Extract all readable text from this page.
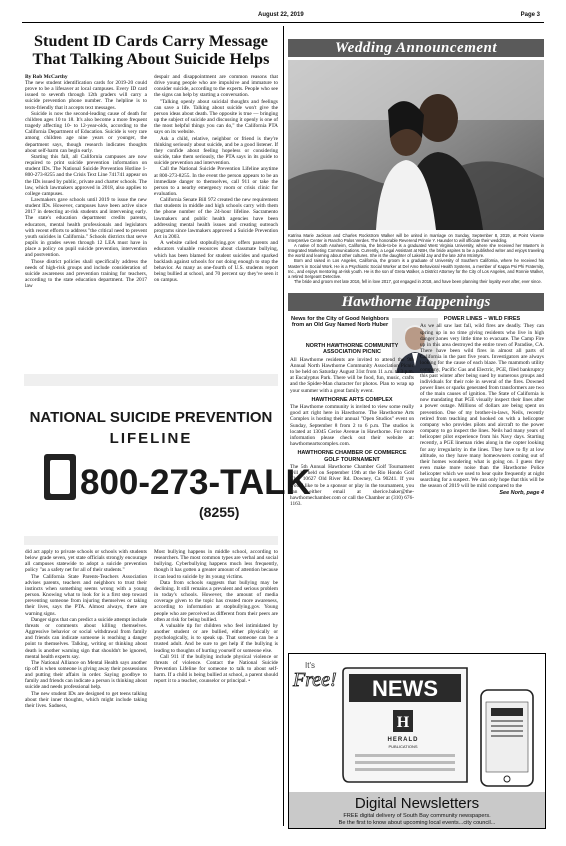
August 22, 2019	Page 3
Student ID Cards Carry Message That Talking About Suicide Helps
By Rob McCarthy

The new student identification cards for 2019-20 could prove to be a lifesaver at local campuses. Every ID card issued to seventh through 12th graders will carry a suicide prevention phone number. The helpline is to texts-friendly that it accepts text messages.

Suicide is now the second-leading cause of death for children ages 10 to 18. It's also become a more frequent tragedy affecting 10- to 12-year-olds, according to the California Department of Education. Suicide is very rare among children age nine years or younger, the department says, though research indicates thoughts about self-harm can begin early.

Starting this fall, all California campuses are now required to print suicide prevention information on student IDs. The National Suicide Prevention Hotline 1-800-273-8255 and the Crisis Text Line 741741 appear on the IDs issued by public, private and charter schools. The law, which lawmakers approved in 2018, also applies to college campuses.

Lawmakers gave schools until 2019 to issue the new student IDs. However, campuses have been active since 2017 in detecting at-risk students and intervening early. The state's education department credits parents, educators, mental health professionals and legislators with recent efforts to address "the critical need to prevent youth suicides in California." Schools districts that serve pupils in grades seven through 12 LEA must have in place a policy on pupil suicide prevention, intervention and postvention.

Those district policies shall specifically address the needs of high-risk groups and include consideration of suicide awareness and prevention training for teachers, according to the state education department. The 2017 law

despair and disappointment are common reasons that drive young people who are impulsive and immature to consider suicide, according to the experts. People who see the signs can help by starting a conversation.

"Talking openly about suicidal thoughts and feelings can save a life. Talking about suicide won't give the person ideas about death. The opposite is true — bringing up the subject of suicide and discussing it openly is one of the most helpful things you can do," the California PTA says on its website.

Ask a child, relative, neighbor or friend is they're thinking seriously about suicide, and be a good listener. If they confide about feeling hopeless or considering suicide, take them seriously, the PTA says in its guide to suicide prevention and intervention.

Call the National Suicide Prevention Lifeline anytime at 800-273-8255. In the event the person appears to be an immediate danger to themselves, call 911 or take the person to a nearby emergency room or crisis clinic for evaluation.

California Senate Bill 972 created the new requirement that students in middle and high schools carry with them the phone number of the 24-hour lifeline. Sacramento lawmakers and public health agencies have been addressing mental health issues and creating outreach programs since lawmakers approved a Suicide Prevention Act in 2003.

A website called stopbullying.gov offers parents and educators valuable resources about classmate bullying, which has been blamed for student suicides and sparked backlash against schools for not doing enough to stop the behavior. As many as one-fourth of U.S. students report being bullied at school, and 70 percent say they've seen it on campus.

NATIONAL SUICIDE PREVENTION
LIFELINE
800-273-TALK
(8255)

did act apply to private schools or schools with students below grade seven, yet state officials strongly encourage all campuses statewide to adopt a suicide prevention policy "as a safety net for all of their students."

The California State Parents-Teachers Association advises parents, teachers and neighbors to trust their instincts when something seems wrong with a young person. Knowing what to look for is a first step toward preventing someone from injuring themselves or taking their lives, says the PTA. Almost always, there are warning signs.

Danger signs that can predict a suicide attempt include threats or comments about killing themselves. Aggressive behavior or social withdrawal from family and friends can indicate someone is reaching a danger point to themselves. Talking, writing or thinking about death is another warning sign that shouldn't be ignored, mental health experts say.

The National Alliance on Mental Health says another tip off is when someone is giving away their possessions and putting their affairs in order. Saying goodbye to family and friends can indicate a person is thinking about suicide and needs professional help.

The new student IDs are designed to get teens talking about their inner thoughts, which might include taking their lives. Sadness,

Most bullying happens in middle school, according to researchers. The most common types are verbal and social bullying. Cyberbullying happens much less frequently, though it has gotten a greater amount of attention because it can lead to suicide by its young victims.

Data from schools suggests that bullying may be declining. It still remains a prevalent and serious problem in today's schools. However, the amount of media coverage given to the topic has created more awareness, according to information at stopbullying.gov. Young people who are perceived as different from their peers are often at risk for being bullied.

A valuable tip for children who feel intimidated by another student or are bullied, either physically or psychologically, is to speak up. That someone can be a trusted adult. And be sure to get help if the bullying is leading to thoughts of hurting yourself or someone else.

Call 911 if the bullying include physical violence or threats of violence. Contact the National Suicide Prevention Lifeline for someone to talk to about self-harm. If a child is being bullied at school, a parent should report it to a teacher, counselor or principal. •

Wedding Announcement

Katrina Marie Jackson and Charles Rockstrom Walker will be united in marriage on Sunday, September 8, 2019, at Point Vicente Interpretive Center in Rancho Palos Verdes. The honorable Reverend Prinnie Y. Haunder to will officiate their wedding.

A native of South Anaheim, California, the bride-to-be is a graduated West Virginia University, where she received her Master's in Integrated Marketing Communications. Currently, a Legal Assistant at NBH, the bride aspires to be a published writer and enjoys traveling the world and learning about other cultures. She is the daughter of Lakeild Jay and the late John Mcintyre.

Born and raised in Los Angeles, California, the groom is a graduate of University of Southern California, where he received his Master's in Social Work. He is a Psychiatric Social Worker at Del Amo Behavioral Health Systems, a member of Kappa Psi Phi Fraternity, Inc., and enjoys mentoring at-risk youth. He is the son of Greta Walker, a District Attorney for the City of Los Angeles, and Ronnie Walker, a retired Sergeant Detective.

The bride and groom met late 2016, fell in love 2017, got engaged in 2018, and have been planning their loyalty ever after, ever since.

Hawthorne Happenings
News for the City of Good Neighbors from an Old Guy Named Norb Huber
NORTH HAWTHORNE COMMUNITY ASSOCIATION PICNIC

All Hawthorne residents are invited to attend the 9th Annual North Hawthorne Community Association Picnic to be held on Saturday August 31st from 11 a.m. to 3 p.m. at Eucalyptus Park. There will be food, fun, music, crafts and the Spider-Man character for photos. Plan to wrap up your summer with a great family event.

HAWTHORNE ARTS COMPLEX

The Hawthorne community is invited to view some really good art right here in Hawthorne. The Hawthorne Arts Complex is hosting their annual "Open Studios" event on Sunday, September 8 from 2 to 6 p.m. The studios is located at 13045 Cerise Avenue in Hawthorne. For more information please check out their website at: hawthorneartscomplex.com.

HAWTHORNE CHAMBER OF COMMERCE GOLF TOURNAMENT

The 5th Annual Hawthorne Chamber Golf Tournament will be held on September 19th at the Rio Hondo Golf Club 10627 Old River Rd. Downey, Ca 90241. If you would like to be a sponsor or play in the tournament, you can either email at sherice.baker@the-hawthornechamber.com or call the Chamber at (310) 676-1163.

POWER LINES – WILD FIRES

As we all saw last fall, wild fires are deadly. They can spring up in no time giving residents who live in high danger zones very little time to evacuate. The Camp Fire up in this area destroyed the entire town of Paradise, CA. There have been wild fires in almost all parts of California in the past five years. Investigators are always looking for the cause of each blaze. The mammoth utility company, Pacific Gas and Electric, PGE, filed bankruptcy this past winter after being sued by numerous groups and individuals for their role in several of the fires. Downed power lines or sparks generated from transformers are two of the main causes of ignition. The State of California is now mandating that PGE visually inspect their lines after a power outage. Millions of dollars are being spent on prevention. One of my brother-in-laws, Neils, recently retired from teaching and hooked on with a helicopter company who provides pilots and aircraft to the power company to go inspect the lines. Neils had many years of helicopter pilot experience from his Navy days. Starting recently, a PGE lineman rides along in the copter looking for any irregularity in the lines. They have to fly at low altitude, so they have many homeowners coming out of their homes wondering what is going on. I guess they even make more noise than the Hawthorne Police helicopter which we used to hear quite frequently at night searching for a suspect. We can only hope that this will be the season of 2019 will be mild compared to the

See Norb, page 4
It's
Free! NEWS
H
HERALD
PUBLICATIONS
Digital Newsletters
FREE digital delivery of South Bay community newspapers.
Be the first to know about upcoming local events...city council...
